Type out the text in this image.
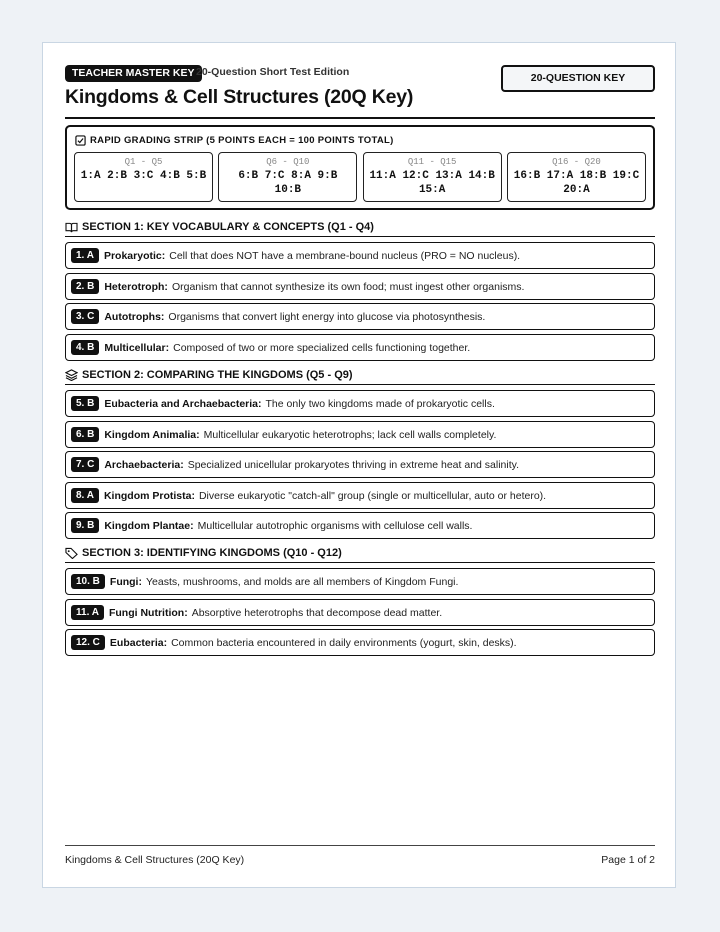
TEACHER MASTER KEY 20-Question Short Test Edition
Kingdoms & Cell Structures (20Q Key)
20-QUESTION KEY
RAPID GRADING STRIP (5 POINTS EACH = 100 POINTS TOTAL)
Q1 - Q5
1:A 2:B 3:C 4:B 5:B
Q6 - Q10
6:B 7:C 8:A 9:B 10:B
Q11 - Q15
11:A 12:C 13:A 14:B 15:A
Q16 - Q20
16:B 17:A 18:B 19:C 20:A
SECTION 1: KEY VOCABULARY & CONCEPTS (Q1 - Q4)
1. A Prokaryotic: Cell that does NOT have a membrane-bound nucleus (PRO = NO nucleus).
2. B Heterotroph: Organism that cannot synthesize its own food; must ingest other organisms.
3. C Autotrophs: Organisms that convert light energy into glucose via photosynthesis.
4. B Multicellular: Composed of two or more specialized cells functioning together.
SECTION 2: COMPARING THE KINGDOMS (Q5 - Q9)
5. B Eubacteria and Archaebacteria: The only two kingdoms made of prokaryotic cells.
6. B Kingdom Animalia: Multicellular eukaryotic heterotrophs; lack cell walls completely.
7. C Archaebacteria: Specialized unicellular prokaryotes thriving in extreme heat and salinity.
8. A Kingdom Protista: Diverse eukaryotic "catch-all" group (single or multicellular, auto or hetero).
9. B Kingdom Plantae: Multicellular autotrophic organisms with cellulose cell walls.
SECTION 3: IDENTIFYING KINGDOMS (Q10 - Q12)
10. B Fungi: Yeasts, mushrooms, and molds are all members of Kingdom Fungi.
11. A Fungi Nutrition: Absorptive heterotrophs that decompose dead matter.
12. C Eubacteria: Common bacteria encountered in daily environments (yogurt, skin, desks).
Kingdoms & Cell Structures (20Q Key)	Page 1 of 2
